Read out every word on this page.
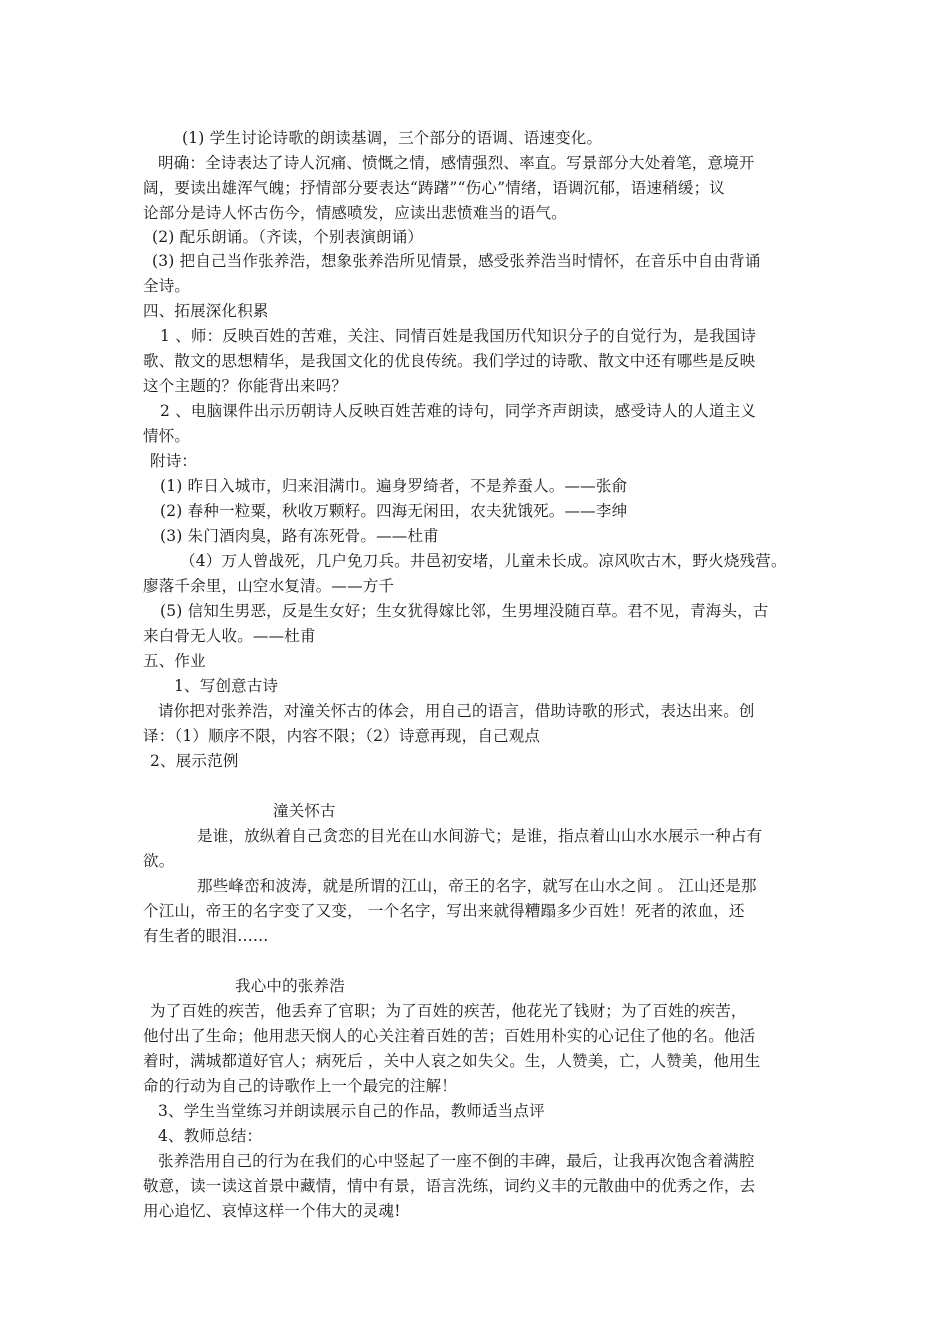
(1) 学生讨论诗歌的朗读基调，三个部分的语调、语速变化。
明确：全诗表达了诗人沉痛、愤慨之情，感情强烈、率直。写景部分大处着笔，意境开
阔，要读出雄浑气魄；抒情部分要表达“踌躇”“伤心”情绪，语调沉郁，语速稍缓；议
论部分是诗人怀古伤今，情感喷发，应读出悲愤难当的语气。
(2) 配乐朗诵。（齐读，个别表演朗诵）
(3) 把自己当作张养浩，想象张养浩所见情景，感受张养浩当时情怀，在音乐中自由背诵
全诗。
四、拓展深化积累
1 、师：反映百姓的苦难，关注、同情百姓是我国历代知识分子的自觉行为，是我国诗
歌、散文的思想精华，是我国文化的优良传统。我们学过的诗歌、散文中还有哪些是反映
这个主题的？你能背出来吗？
2 、电脑课件出示历朝诗人反映百姓苦难的诗句，同学齐声朗读，感受诗人的人道主义
情怀。
附诗：
(1) 昨日入城市，归来泪满巾。遍身罗绮者，不是养蚕人。——张俞
(2) 春种一粒粟，秋收万颗籽。四海无闲田，农夫犹饿死。——李绅
(3) 朱门酒肉臭，路有冻死骨。——杜甫
（4）万人曾战死，几户免刀兵。井邑初安堵，儿童未长成。凉风吹古木，野火烧残营。
廖落千余里，山空水复清。——方千
(5) 信知生男恶，反是生女好；生女犹得嫁比邻，生男埋没随百草。君不见，青海头，古
来白骨无人收。——杜甫
五、作业
1、写创意古诗
请你把对张养浩，对潼关怀古的体会，用自己的语言，借助诗歌的形式，表达出来。创
译：（1）顺序不限，内容不限；（2）诗意再现，自己观点
2、展示范例
潼关怀古
是谁，放纵着自己贪恋的目光在山水间游弋；是谁，指点着山山水水展示一种占有
欲。
那些峰峦和波涛，就是所谓的江山，帝王的名字，就写在山水之间 。 江山还是那
个江山，帝王的名字变了又变， 一个名字，写出来就得糟蹋多少百姓！死者的浓血，还
有生者的眼泪……
我心中的张养浩
为了百姓的疾苦，他丢弃了官职；为了百姓的疾苦，他花光了钱财；为了百姓的疾苦，
他付出了生命；他用悲天悯人的心关注着百姓的苦；百姓用朴实的心记住了他的名。他活
着时，满城都道好官人；病死后 ，关中人哀之如失父。生，人赞美，亡，人赞美，他用生
命的行动为自己的诗歌作上一个最完的注解！
3、学生当堂练习并朗读展示自己的作品，教师适当点评
4、教师总结：
张养浩用自己的行为在我们的心中竖起了一座不倒的丰碑，最后，让我再次饱含着满腔
敬意，读一读这首景中藏情，情中有景，语言洗练，词约义丰的元散曲中的优秀之作，去
用心追忆、哀悼这样一个伟大的灵魂!
